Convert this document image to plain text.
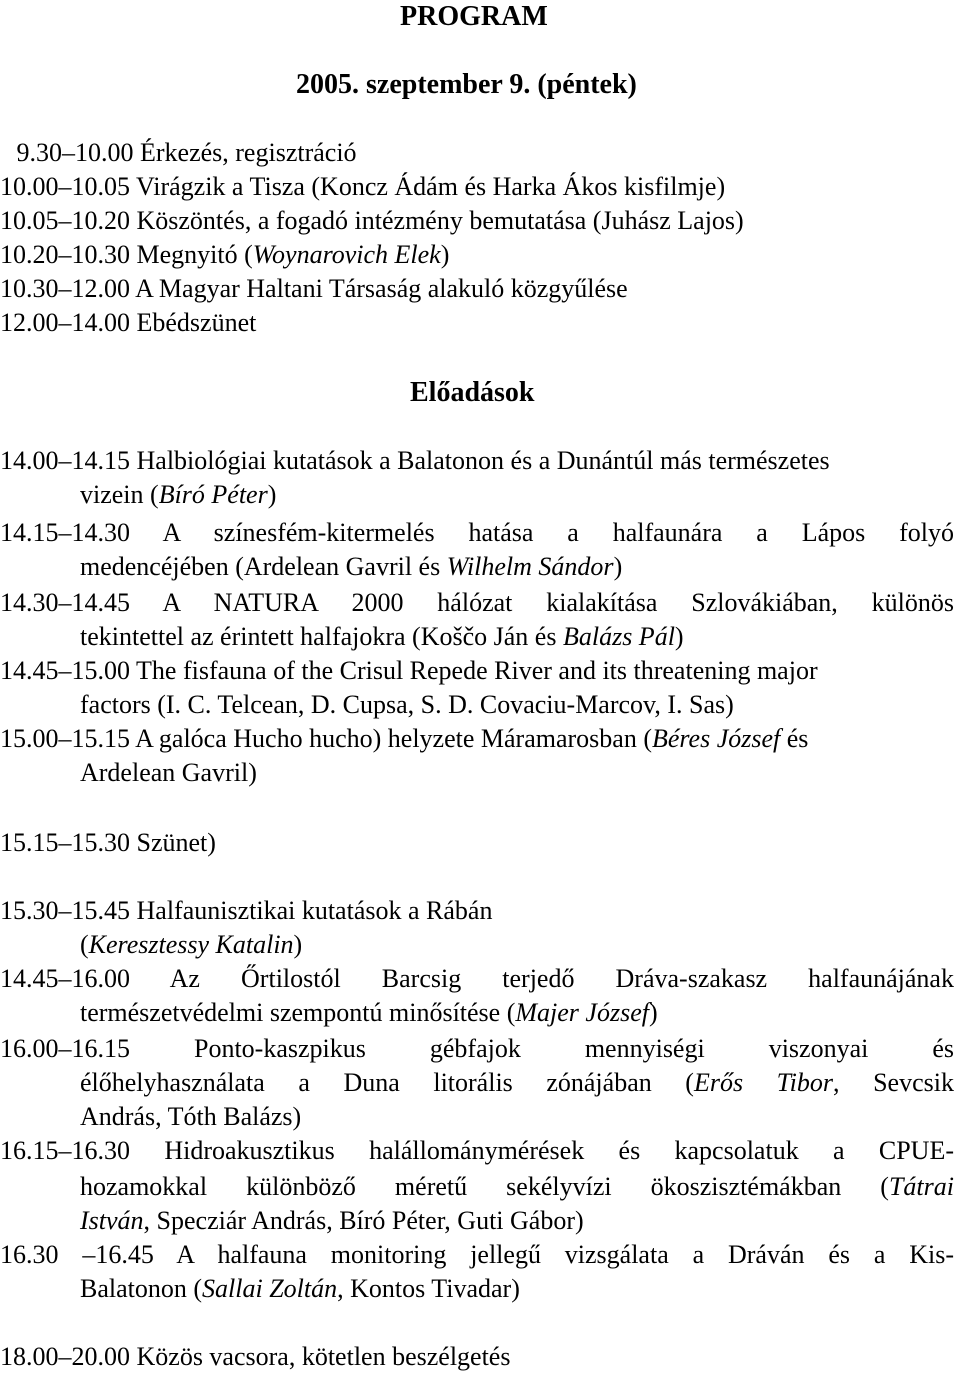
PROGRAM
2005. szeptember 9. (péntek)
9.30–10.00 Érkezés, regisztráció
10.00–10.05 Virágzik a Tisza (Koncz Ádám és Harka Ákos kisfilmje)
10.05–10.20 Köszöntés, a fogadó intézmény bemutatása (Juhász Lajos)
10.20–10.30 Megnyitó (Woynarovich Elek)
10.30–12.00 A Magyar Haltani Társaság alakuló közgyűlése
12.00–14.00 Ebédszünet
Előadások
14.00–14.15 Halbiológiai kutatások a Balatonon és a Dunántúl más természetes
vizein (Bíró Péter)
14.15–14.30 A színesfém-kitermelés hatása a halfaunára a Lápos folyó
medencéjében (Ardelean Gavril és Wilhelm Sándor)
14.30–14.45 A NATURA 2000 hálózat kialakítása Szlovákiában, különös
tekintettel az érintett halfajokra (Koščo Ján és Balázs Pál)
14.45–15.00 The fisfauna of the Crisul Repede River and its threatening major
factors (I. C. Telcean, D. Cupsa, S. D. Covaciu-Marcov, I. Sas)
15.00–15.15 A galóca Hucho hucho) helyzete Máramarosban (Béres József és
Ardelean Gavril)
15.15–15.30 Szünet)
15.30–15.45 Halfaunisztikai kutatások a Rábán
(Keresztessy Katalin)
14.45–16.00 Az Őrtilostól Barcsig terjedő Dráva-szakasz halfaunájának
természetvédelmi szempontú minősítése (Majer József)
16.00–16.15 Ponto-kaszpikus gébfajok mennyiségi viszonyai és
élőhelyhasználata a Duna litorális zónájában (Erős Tibor, Sevcsik
András, Tóth Balázs)
16.15–16.30 Hidroakusztikus halállománymérések és kapcsolatuk a CPUE-
hozamokkal különböző méretű sekélyvízi ökoszisztémákban (Tátrai
István, Specziár András, Bíró Péter, Guti Gábor)
16.30 –16.45 A halfauna monitoring jellegű vizsgálata a Dráván és a Kis-
Balatonon (Sallai Zoltán, Kontos Tivadar)
18.00–20.00 Közös vacsora, kötetlen beszélgetés
